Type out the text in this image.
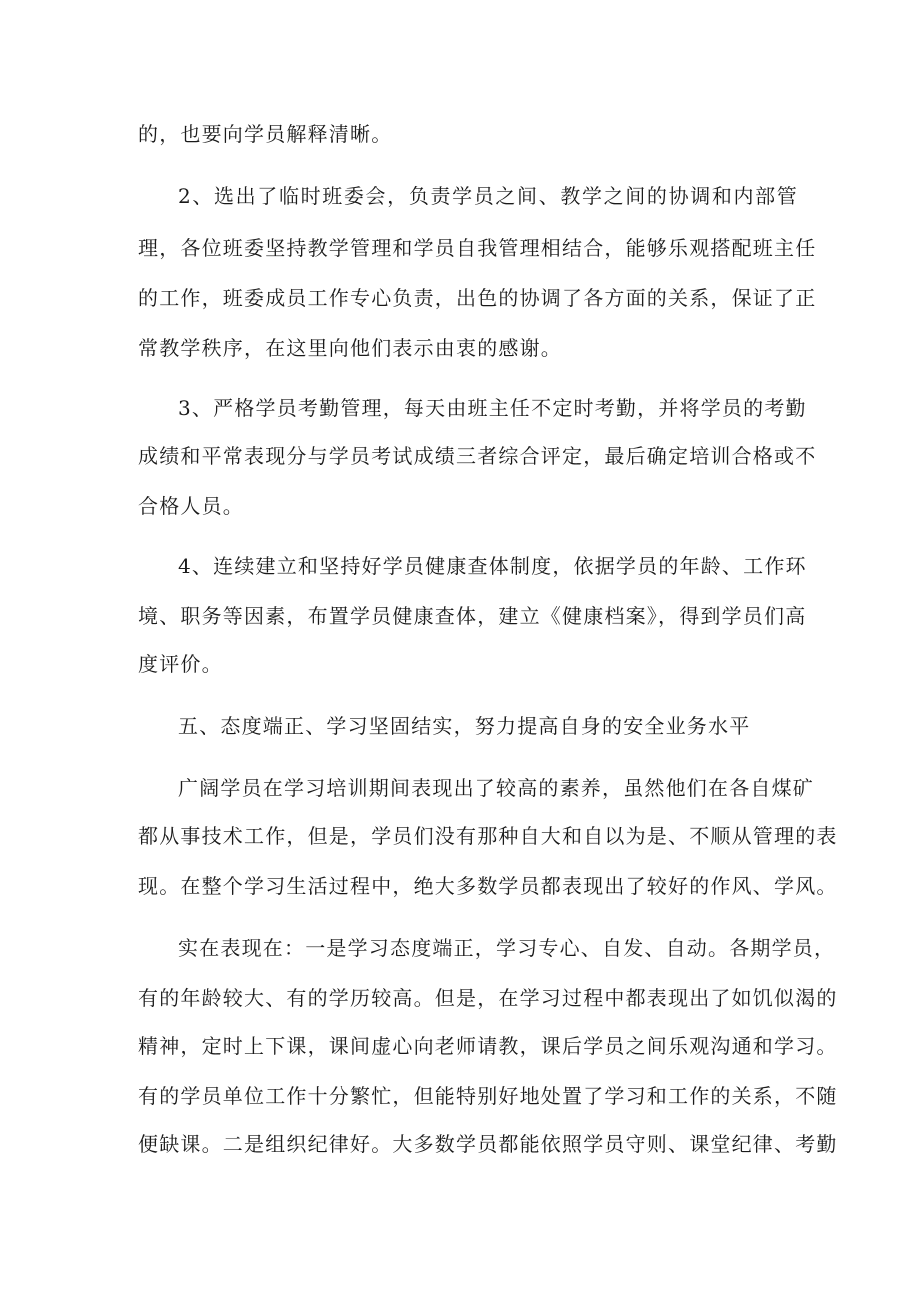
的，也要向学员解释清晰。
2、选出了临时班委会，负责学员之间、教学之间的协调和内部管
理，各位班委坚持教学管理和学员自我管理相结合，能够乐观搭配班主任
的工作，班委成员工作专心负责，出色的协调了各方面的关系，保证了正
常教学秩序，在这里向他们表示由衷的感谢。
3、严格学员考勤管理，每天由班主任不定时考勤，并将学员的考勤
成绩和平常表现分与学员考试成绩三者综合评定，最后确定培训合格或不
合格人员。
4、连续建立和坚持好学员健康查体制度，依据学员的年龄、工作环
境、职务等因素，布置学员健康查体，建立《健康档案》，得到学员们高
度评价。
五、态度端正、学习坚固结实，努力提高自身的安全业务水平
广阔学员在学习培训期间表现出了较高的素养，虽然他们在各自煤矿
都从事技术工作，但是，学员们没有那种自大和自以为是、不顺从管理的表
现。在整个学习生活过程中，绝大多数学员都表现出了较好的作风、学风。
实在表现在：一是学习态度端正，学习专心、自发、自动。各期学员，
有的年龄较大、有的学历较高。但是，在学习过程中都表现出了如饥似渴的
精神，定时上下课，课间虚心向老师请教，课后学员之间乐观沟通和学习。
有的学员单位工作十分繁忙，但能特别好地处置了学习和工作的关系，不随
便缺课。二是组织纪律好。大多数学员都能依照学员守则、课堂纪律、考勤
